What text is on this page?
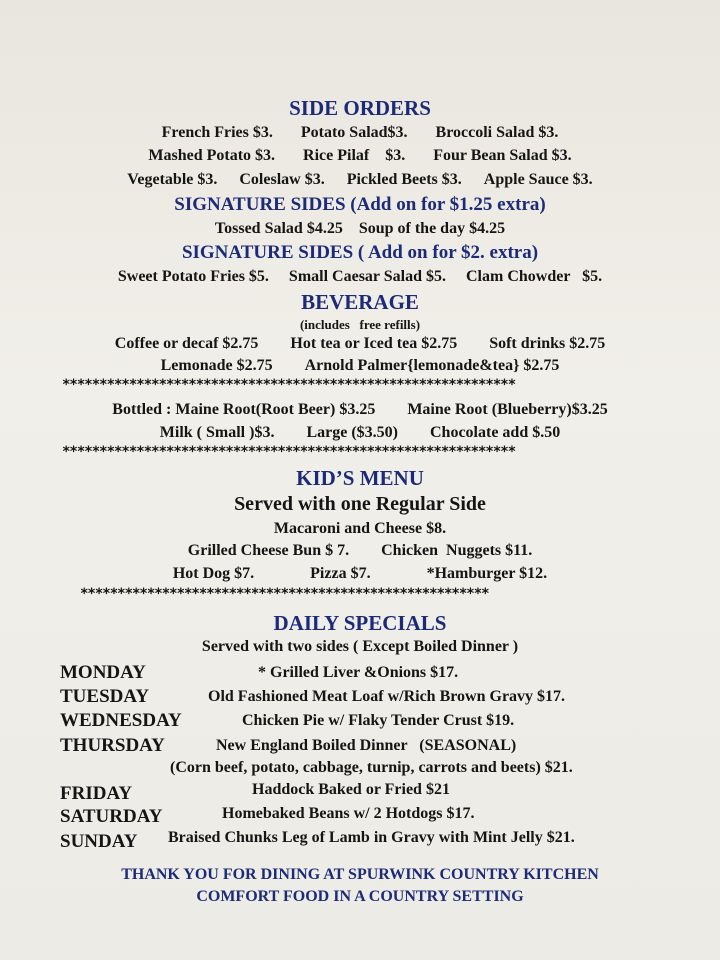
SIDE ORDERS
French Fries $3. Potato Salad$3. Broccoli Salad $3.
Mashed Potato $3. Rice Pilaf    $3. Four Bean Salad $3.
Vegetable $3. Coleslaw $3. Pickled Beets $3. Apple Sauce $3.
SIGNATURE SIDES (Add on for $1.25 extra)
Tossed Salad $4.25 Soup of the day $4.25
SIGNATURE SIDES ( Add on for $2. extra)
Sweet Potato Fries $5. Small Caesar Salad $5. Clam Chowder   $5.
BEVERAGE
(includes   free refills)
Coffee or decaf $2.75 Hot tea or Iced tea $2.75 Soft drinks $2.75
Lemonade $2.75 Arnold Palmer{lemonade&tea} $2.75
*************************************************************
Bottled : Maine Root(Root Beer) $3.25 Maine Root (Blueberry)$3.25
Milk ( Small )$3. Large ($3.50) Chocolate add $.50
*************************************************************
KID’S MENU
Served with one Regular Side
Macaroni and Cheese $8.
Grilled Cheese Bun $ 7. Chicken  Nuggets $11.
Hot Dog $7.	Pizza $7.	*Hamburger $12.
*******************************************************
DAILY SPECIALS
Served with two sides ( Except Boiled Dinner )
MONDAY	* Grilled Liver &Onions $17.
TUESDAY	Old Fashioned Meat Loaf w/Rich Brown Gravy $17.
WEDNESDAY	Chicken Pie w/ Flaky Tender Crust $19.
THURSDAY	New England Boiled Dinner   (SEASONAL)
(Corn beef, potato, cabbage, turnip, carrots and beets) $21.
FRIDAY	Haddock Baked or Fried $21
SATURDAY	Homebaked Beans w/ 2 Hotdogs $17.
SUNDAY Braised Chunks Leg of Lamb in Gravy with Mint Jelly $21.
THANK YOU FOR DINING AT SPURWINK COUNTRY KITCHEN
COMFORT FOOD IN A COUNTRY SETTING
